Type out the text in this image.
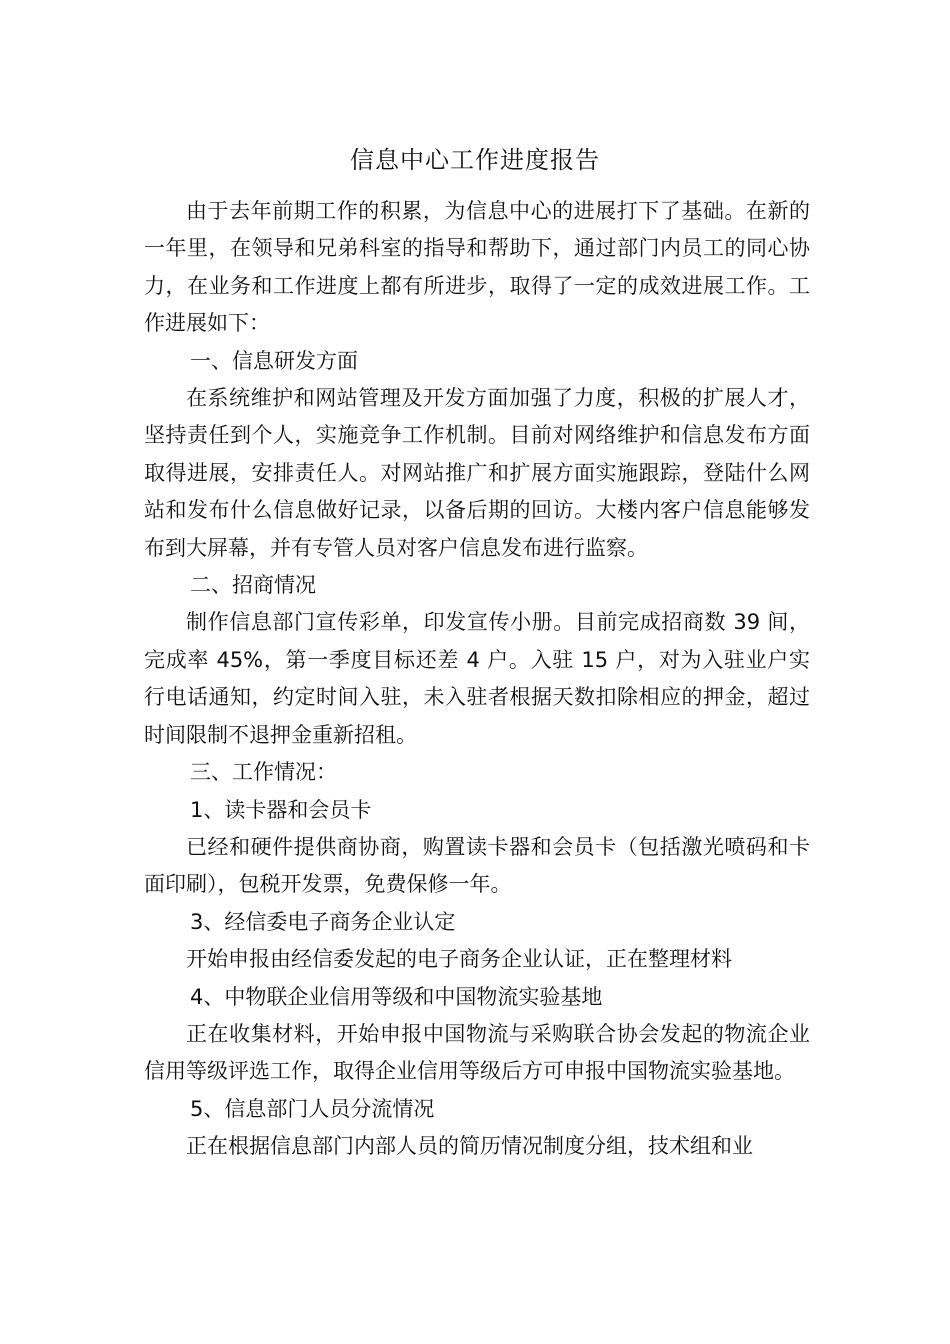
信息中心工作进度报告

由于去年前期工作的积累，为信息中心的进展打下了基础。在新的一年里，在领导和兄弟科室的指导和帮助下，通过部门内员工的同心协力，在业务和工作进度上都有所进步，取得了一定的成效进展工作。工作进展如下：

一、信息研发方面

在系统维护和网站管理及开发方面加强了力度，积极的扩展人才，坚持责任到个人，实施竞争工作机制。目前对网络维护和信息发布方面取得进展，安排责任人。对网站推广和扩展方面实施跟踪，登陆什么网站和发布什么信息做好记录，以备后期的回访。大楼内客户信息能够发布到大屏幕，并有专管人员对客户信息发布进行监察。

二、招商情况

制作信息部门宣传彩单，印发宣传小册。目前完成招商数 39 间，完成率 45%，第一季度目标还差 4 户。入驻 15 户，对为入驻业户实行电话通知，约定时间入驻，未入驻者根据天数扣除相应的押金，超过时间限制不退押金重新招租。

三、工作情况：

1、读卡器和会员卡

已经和硬件提供商协商，购置读卡器和会员卡（包括激光喷码和卡面印刷），包税开发票，免费保修一年。

3、经信委电子商务企业认定

开始申报由经信委发起的电子商务企业认证，正在整理材料

4、中物联企业信用等级和中国物流实验基地

正在收集材料，开始申报中国物流与采购联合协会发起的物流企业信用等级评选工作，取得企业信用等级后方可申报中国物流实验基地。

5、信息部门人员分流情况

正在根据信息部门内部人员的简历情况制度分组，技术组和业
